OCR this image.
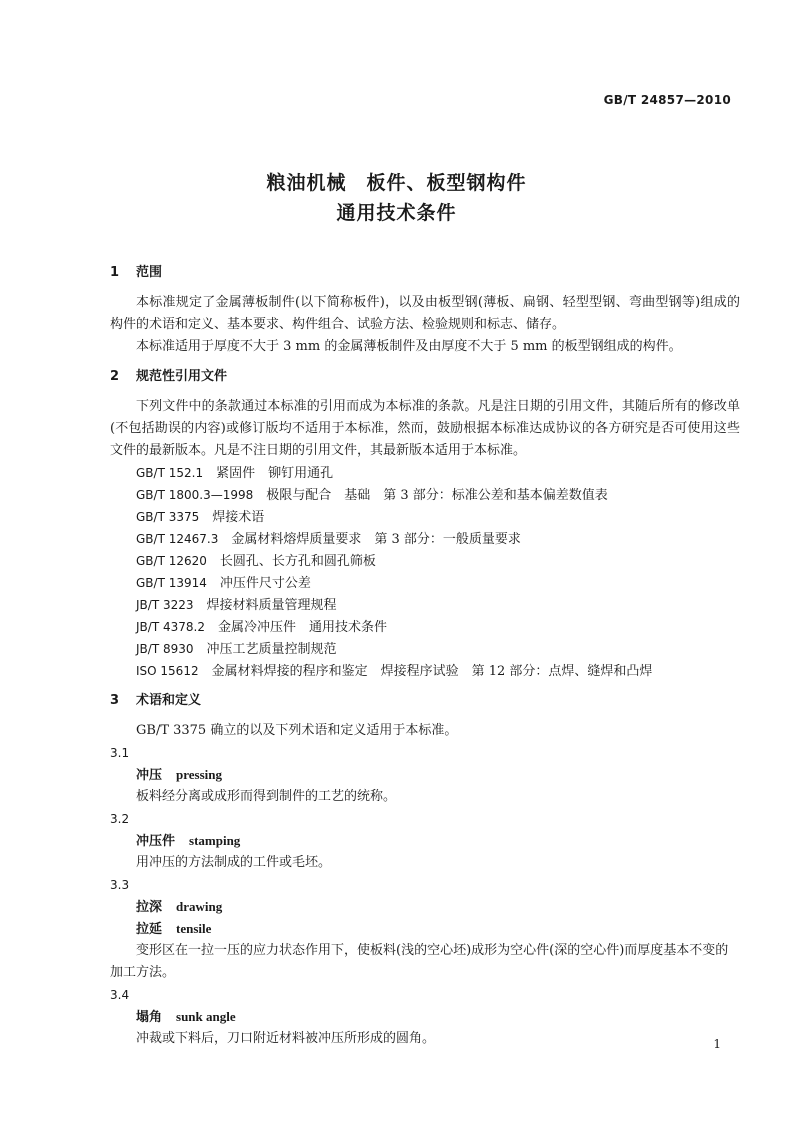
GB/T 24857—2010
粮油机械　板件、板型钢构件
通用技术条件
1 范围

本标准规定了金属薄板制件(以下简称板件)，以及由板型钢(薄板、扁钢、轻型型钢、弯曲型钢等)组成的构件的术语和定义、基本要求、构件组合、试验方法、检验规则和标志、储存。

本标准适用于厚度不大于 3 mm 的金属薄板制件及由厚度不大于 5 mm 的板型钢组成的构件。

2 规范性引用文件

下列文件中的条款通过本标准的引用而成为本标准的条款。凡是注日期的引用文件，其随后所有的修改单(不包括勘误的内容)或修订版均不适用于本标准，然而，鼓励根据本标准达成协议的各方研究是否可使用这些文件的最新版本。凡是不注日期的引用文件，其最新版本适用于本标准。

GB/T 152.1　 紧固件　铆钉用通孔
GB/T 1800.3—1998　 极限与配合　基础　第 3 部分：标准公差和基本偏差数值表
GB/T 3375　 焊接术语
GB/T 12467.3　 金属材料熔焊质量要求　第 3 部分：一般质量要求
GB/T 12620　 长圆孔、长方孔和圆孔筛板
GB/T 13914　 冲压件尺寸公差
JB/T 3223　 焊接材料质量管理规程
JB/T 4378.2　 金属冷冲压件　通用技术条件
JB/T 8930　 冲压工艺质量控制规范
ISO 15612　 金属材料焊接的程序和鉴定　焊接程序试验　第 12 部分：点焊、缝焊和凸焊
3 术语和定义

GB/T 3375 确立的以及下列术语和定义适用于本标准。

3.1
冲压 pressing

板料经分离或成形而得到制件的工艺的统称。

3.2
冲压件 stamping

用冲压的方法制成的工件或毛坯。

3.3
拉深 drawing
拉延 tensile

变形区在一拉一压的应力状态作用下，使板料(浅的空心坯)成形为空心件(深的空心件)而厚度基本不变的加工方法。

3.4
塌角 sunk angle

冲裁或下料后，刀口附近材料被冲压所形成的圆角。	1
